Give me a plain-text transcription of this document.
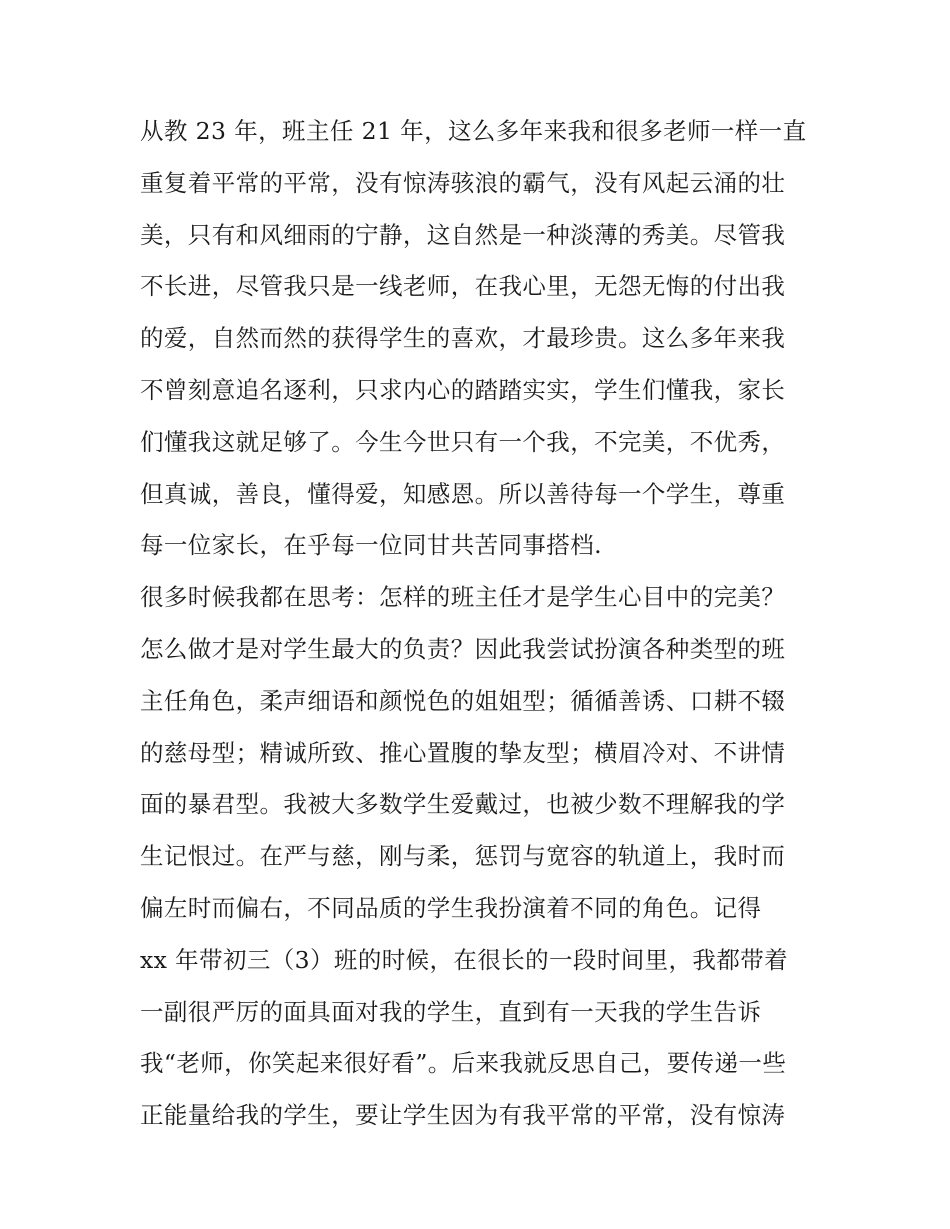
从教 23 年，班主任 21 年，这么多年来我和很多老师一样一直
重复着平常的平常，没有惊涛骇浪的霸气，没有风起云涌的壮
美，只有和风细雨的宁静，这自然是一种淡薄的秀美。尽管我
不长进，尽管我只是一线老师，在我心里，无怨无悔的付出我
的爱，自然而然的获得学生的喜欢，才最珍贵。这么多年来我
不曾刻意追名逐利，只求内心的踏踏实实，学生们懂我，家长
们懂我这就足够了。今生今世只有一个我，不完美，不优秀，
但真诚，善良，懂得爱，知感恩。所以善待每一个学生，尊重
每一位家长，在乎每一位同甘共苦同事搭档.
很多时候我都在思考：怎样的班主任才是学生心目中的完美？
怎么做才是对学生最大的负责？因此我尝试扮演各种类型的班
主任角色，柔声细语和颜悦色的姐姐型；循循善诱、口耕不辍
的慈母型；精诚所致、推心置腹的挚友型；横眉冷对、不讲情
面的暴君型。我被大多数学生爱戴过，也被少数不理解我的学
生记恨过。在严与慈，刚与柔，惩罚与宽容的轨道上，我时而
偏左时而偏右，不同品质的学生我扮演着不同的角色。记得
xx 年带初三（3）班的时候，在很长的一段时间里，我都带着
一副很严厉的面具面对我的学生，直到有一天我的学生告诉
我“老师，你笑起来很好看”。后来我就反思自己，要传递一些
正能量给我的学生，要让学生因为有我平常的平常，没有惊涛
